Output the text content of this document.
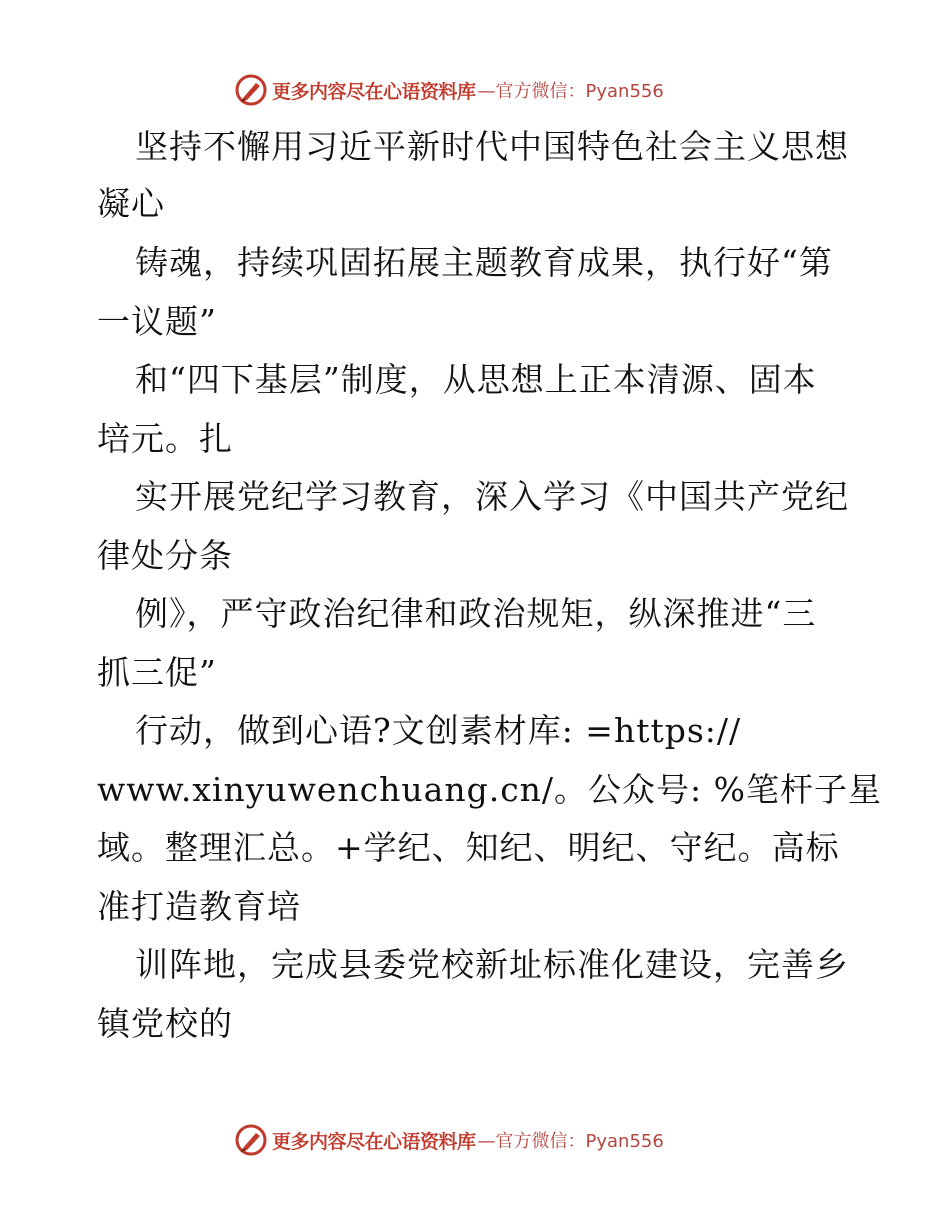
更多内容尽在心语资料库 —官方微信：Pyan556
坚持不懈用习近平新时代中国特色社会主义思想
凝心
铸魂，持续巩固拓展主题教育成果，执行好“第
一议题”
和“四下基层”制度，从思想上正本清源、固本
培元。扎
实开展党纪学习教育，深入学习《中国共产党纪
律处分条
例》，严守政治纪律和政治规矩，纵深推进“三
抓三促”
行动，做到心语?文创素材库: =https://
www.xinyuwenchuang.cn/。公众号: %笔杆子星
域。整理汇总。+学纪、知纪、明纪、守纪。高标
准打造教育培
训阵地，完成县委党校新址标准化建设，完善乡
镇党校的
更多内容尽在心语资料库 —官方微信：Pyan556
